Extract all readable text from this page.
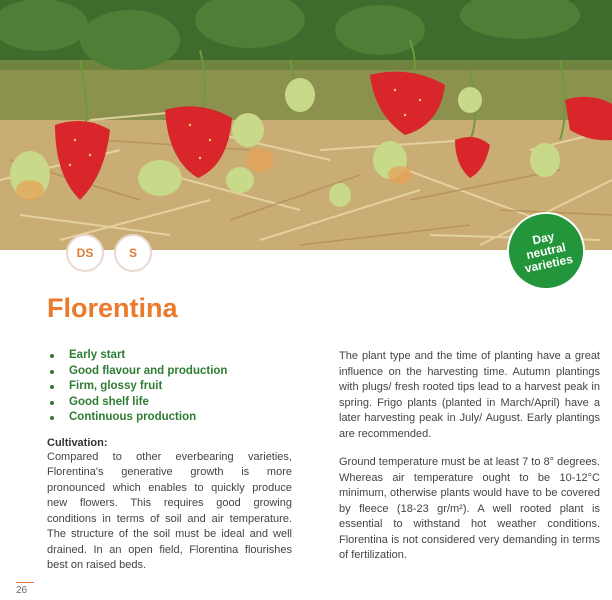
DS	S
Day neutral varieties
Florentina
Early start
Good flavour and production
Firm, glossy fruit
Good shelf life
Continuous production
Cultivation:

Compared to other everbearing varieties, Florentina's generative growth is more pronounced which enables to quickly produce new flowers. This requires good growing conditions in terms of soil and air temperature. The structure of the soil must be ideal and well drained. In an open field, Florentina flourishes best on raised beds.

The plant type and the time of planting have a great influence on the harvesting time. Autumn plantings with plugs/ fresh rooted tips lead to a harvest peak in spring. Frigo plants (planted in March/April) have a later harvesting peak in July/ August. Early plantings are recommended.

Ground temperature must be at least 7 to 8° degrees. Whereas air temperature ought to be 10-12°C minimum, otherwise plants would have to be covered by fleece (18-23 gr/m²). A well rooted plant is essential to withstand hot weather conditions. Florentina is not considered very demanding in terms of fertilization.

26
